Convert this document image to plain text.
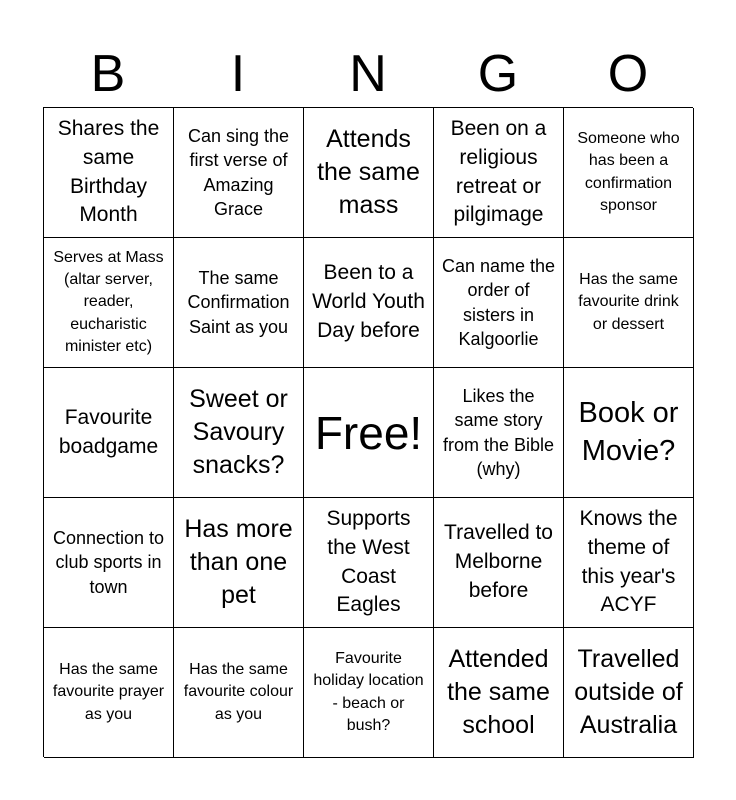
B	I	N	G	O
Shares the same Birthday Month
Can sing the first verse of Amazing Grace
Attends the same mass
Been on a religious retreat or pilgimage
Someone who has been a confirmation sponsor
Serves at Mass (altar server, reader, eucharistic minister etc)
The same Confirmation Saint as you
Been to a World Youth Day before
Can name the order of sisters in Kalgoorlie
Has the same favourite drink or dessert
Favourite boadgame
Sweet or Savoury snacks?
Free!
Likes the same story from the Bible (why)
Book or Movie?
Connection to club sports in town
Has more than one pet
Supports the West Coast Eagles
Travelled to Melborne before
Knows the theme of this year's ACYF
Has the same favourite prayer as you
Has the same favourite colour as you
Favourite holiday location - beach or bush?
Attended the same school
Travelled outside of Australia
